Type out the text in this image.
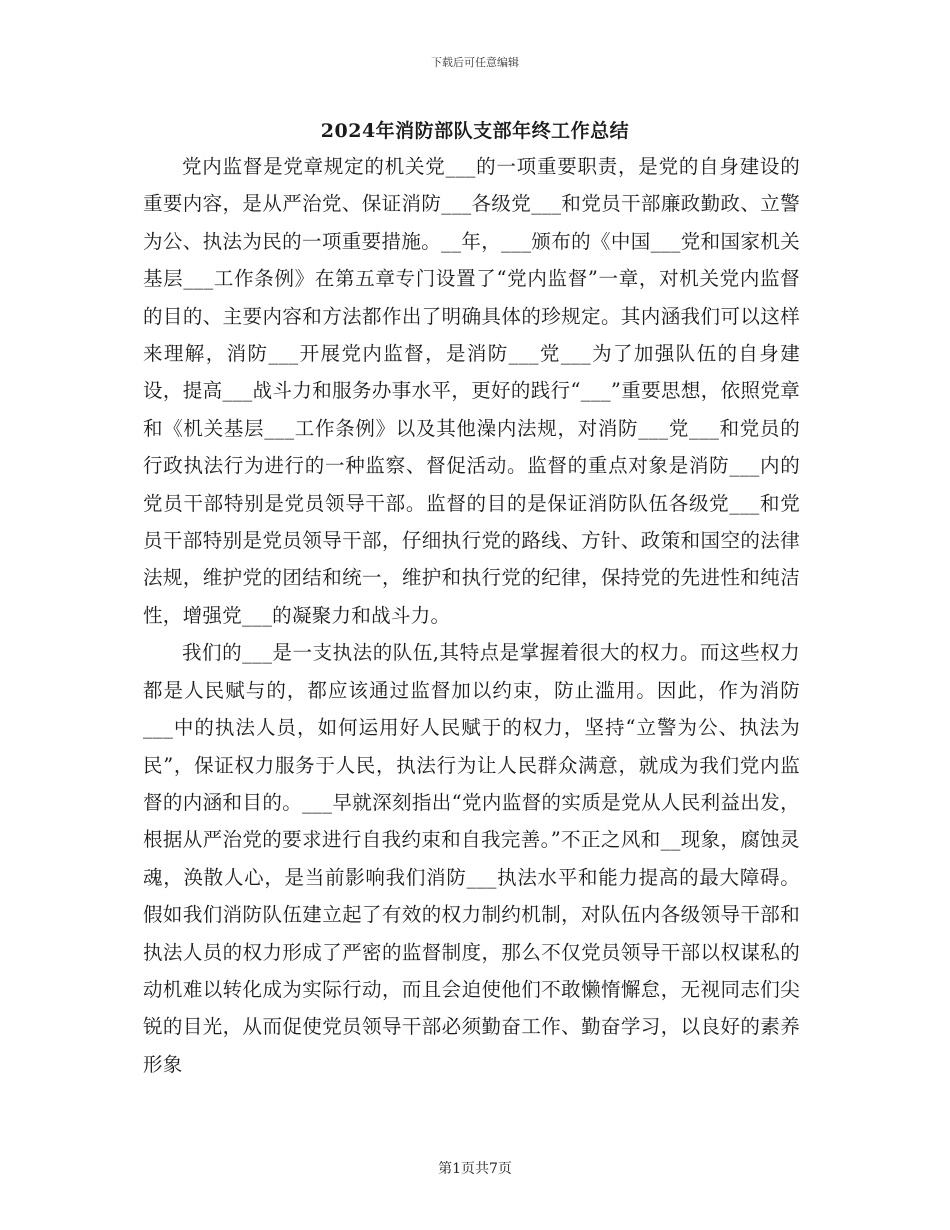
下载后可任意编辑
2024年消防部队支部年终工作总结

党内监督是党章规定的机关党___的一项重要职责，是党的自身建设的重要内容，是从严治党、保证消防___各级党___和党员干部廉政勤政、立警为公、执法为民的一项重要措施。__年，___颁布的《中国___党和国家机关基层___工作条例》在第五章专门设置了“党内监督”一章，对机关党内监督的目的、主要内容和方法都作出了明确具体的珍规定。其内涵我们可以这样来理解，消防___开展党内监督，是消防___党___为了加强队伍的自身建设，提高___战斗力和服务办事水平，更好的践行“___”重要思想，依照党章和《机关基层___工作条例》以及其他澡内法规，对消防___党___和党员的行政执法行为进行的一种监察、督促活动。监督的重点对象是消防___内的党员干部特别是党员领导干部。监督的目的是保证消防队伍各级党___和党员干部特别是党员领导干部，仔细执行党的路线、方针、政策和国空的法律法规，维护党的团结和统一，维护和执行党的纪律，保持党的先进性和纯洁性，增强党___的凝聚力和战斗力。

我们的___是一支执法的队伍,其特点是掌握着很大的权力。而这些权力都是人民赋与的，都应该通过监督加以约束，防止滥用。因此，作为消防___中的执法人员，如何运用好人民赋于的权力，坚持“立警为公、执法为民”，保证权力服务于人民，执法行为让人民群众满意，就成为我们党内监督的内涵和目的。___早就深刻指出“党内监督的实质是党从人民利益出发，根据从严治党的要求进行自我约束和自我完善。”不正之风和__现象，腐蚀灵魂，涣散人心，是当前影响我们消防___执法水平和能力提高的最大障碍。假如我们消防队伍建立起了有效的权力制约机制，对队伍内各级领导干部和执法人员的权力形成了严密的监督制度，那么不仅党员领导干部以权谋私的动机难以转化成为实际行动，而且会迫使他们不敢懒惰懈怠，无视同志们尖锐的目光，从而促使党员领导干部必须勤奋工作、勤奋学习，以良好的素养形象

第1页共7页
